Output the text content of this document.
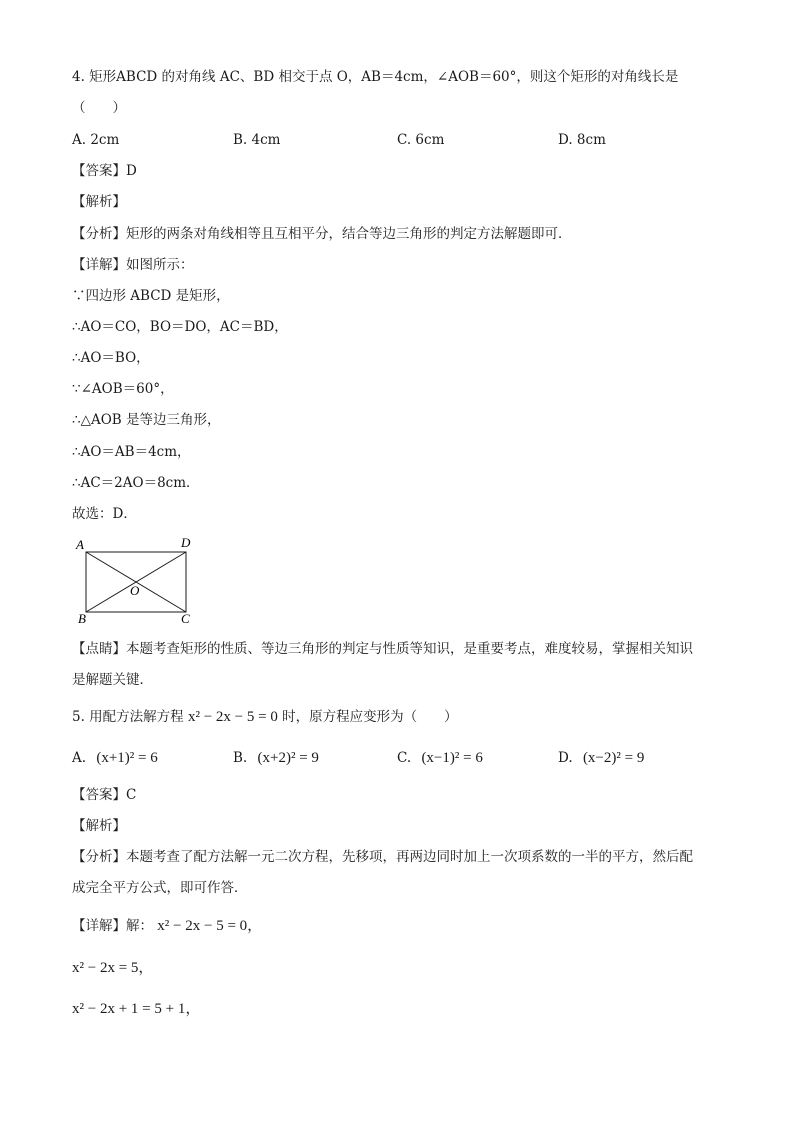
4. 矩形ABCD 的对角线 AC、BD 相交于点 O，AB＝4cm，∠AOB＝60°，则这个矩形的对角线长是
（　　）
A. 2cm	B. 4cm	C. 6cm	D. 8cm
【答案】D
【解析】
【分析】矩形的两条对角线相等且互相平分，结合等边三角形的判定方法解题即可．
【详解】如图所示：
∵四边形 ABCD 是矩形，
∴AO＝CO，BO＝DO，AC＝BD，
∴AO＝BO，
∵∠AOB＝60°，
∴△AOB 是等边三角形，
∴AO＝AB＝4cm，
∴AC＝2AO＝8cm．
故选：D．
A	D
B	C
O
【点睛】本题考查矩形的性质、等边三角形的判定与性质等知识，是重要考点，难度较易，掌握相关知识
是解题关键．
5. 用配方法解方程 x² − 2x − 5 = 0 时，原方程应变形为（　　）
A. (x+1)² = 6	B. (x+2)² = 9	C. (x−1)² = 6	D. (x−2)² = 9
【答案】C
【解析】
【分析】本题考查了配方法解一元二次方程，先移项，再两边同时加上一次项系数的一半的平方，然后配
成完全平方公式，即可作答．
【详解】解： x² − 2x − 5 = 0，
x² − 2x = 5，
x² − 2x + 1 = 5 + 1，
